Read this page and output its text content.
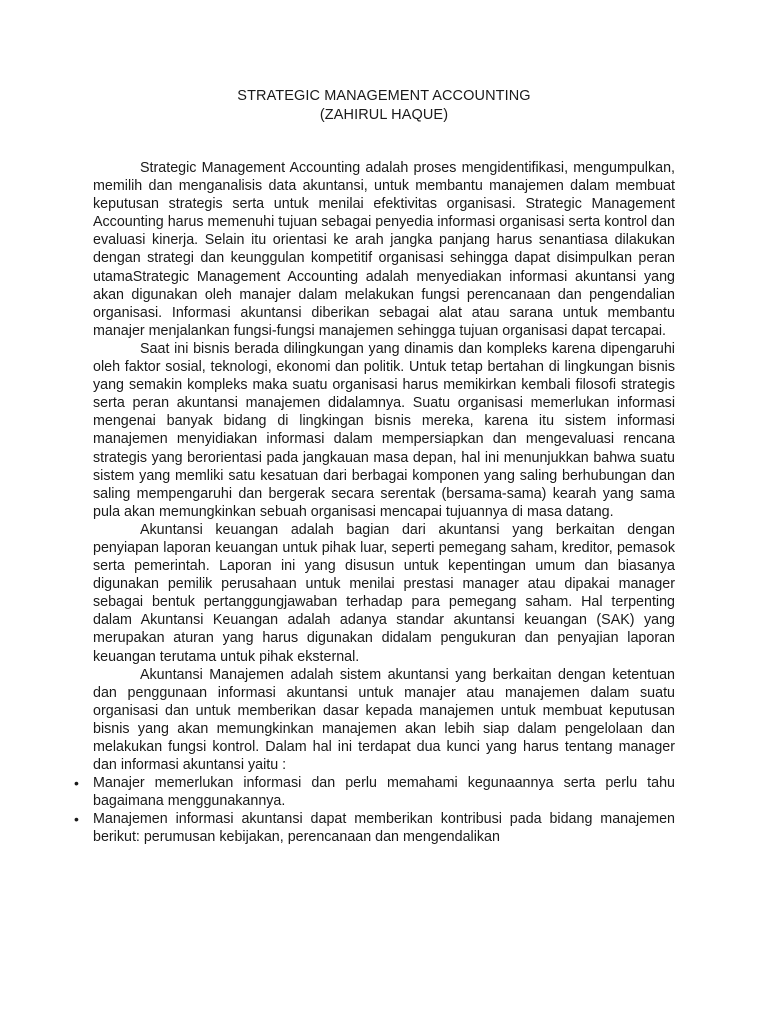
STRATEGIC MANAGEMENT ACCOUNTING
(ZAHIRUL HAQUE)

Strategic Management Accounting adalah proses mengidentifikasi, mengumpulkan, memilih dan menganalisis data akuntansi, untuk membantu manajemen dalam membuat keputusan strategis serta untuk menilai efektivitas organisasi. Strategic Management Accounting harus memenuhi tujuan sebagai penyedia informasi organisasi serta kontrol dan evaluasi kinerja. Selain itu orientasi ke arah jangka panjang harus senantiasa dilakukan dengan strategi dan keunggulan kompetitif organisasi sehingga dapat disimpulkan peran utamaStrategic Management Accounting adalah menyediakan informasi akuntansi yang akan digunakan oleh manajer dalam melakukan fungsi perencanaan dan pengendalian organisasi. Informasi akuntansi diberikan sebagai alat atau sarana untuk membantu manajer menjalankan fungsi-fungsi manajemen sehingga tujuan organisasi dapat tercapai.

Saat ini bisnis berada dilingkungan yang dinamis dan kompleks karena dipengaruhi oleh faktor sosial, teknologi, ekonomi dan politik. Untuk tetap bertahan di lingkungan bisnis yang semakin kompleks maka suatu organisasi harus memikirkan kembali filosofi strategis serta peran akuntansi manajemen didalamnya. Suatu organisasi memerlukan informasi mengenai banyak bidang di lingkingan bisnis mereka, karena itu sistem informasi manajemen menyidiakan informasi dalam mempersiapkan dan mengevaluasi rencana strategis yang berorientasi pada jangkauan masa depan, hal ini menunjukkan bahwa suatu sistem yang memliki satu kesatuan dari berbagai komponen yang saling berhubungan dan saling mempengaruhi dan bergerak secara serentak (bersama-sama) kearah yang sama pula akan memungkinkan sebuah organisasi mencapai tujuannya di masa datang.

Akuntansi keuangan adalah bagian dari akuntansi yang berkaitan dengan penyiapan laporan keuangan untuk pihak luar, seperti pemegang saham, kreditor, pemasok serta pemerintah. Laporan ini yang disusun untuk kepentingan umum dan biasanya digunakan pemilik perusahaan untuk menilai prestasi manager atau dipakai manager sebagai bentuk pertanggungjawaban terhadap para pemegang saham. Hal terpenting dalam Akuntansi Keuangan adalah adanya standar akuntansi keuangan (SAK) yang merupakan aturan yang harus digunakan didalam pengukuran dan penyajian laporan keuangan terutama untuk pihak eksternal.

Akuntansi Manajemen adalah sistem akuntansi yang berkaitan dengan ketentuan dan penggunaan informasi akuntansi untuk manajer atau manajemen dalam suatu organisasi dan untuk memberikan dasar kepada manajemen untuk membuat keputusan bisnis yang akan memungkinkan manajemen akan lebih siap dalam pengelolaan dan melakukan fungsi kontrol. Dalam hal ini terdapat dua kunci yang harus tentang manager dan informasi akuntansi yaitu :

• Manajer memerlukan informasi dan perlu memahami kegunaannya serta perlu tahu bagaimana menggunakannya.
• Manajemen informasi akuntansi dapat memberikan kontribusi pada bidang manajemen berikut: perumusan kebijakan, perencanaan dan mengendalikan
